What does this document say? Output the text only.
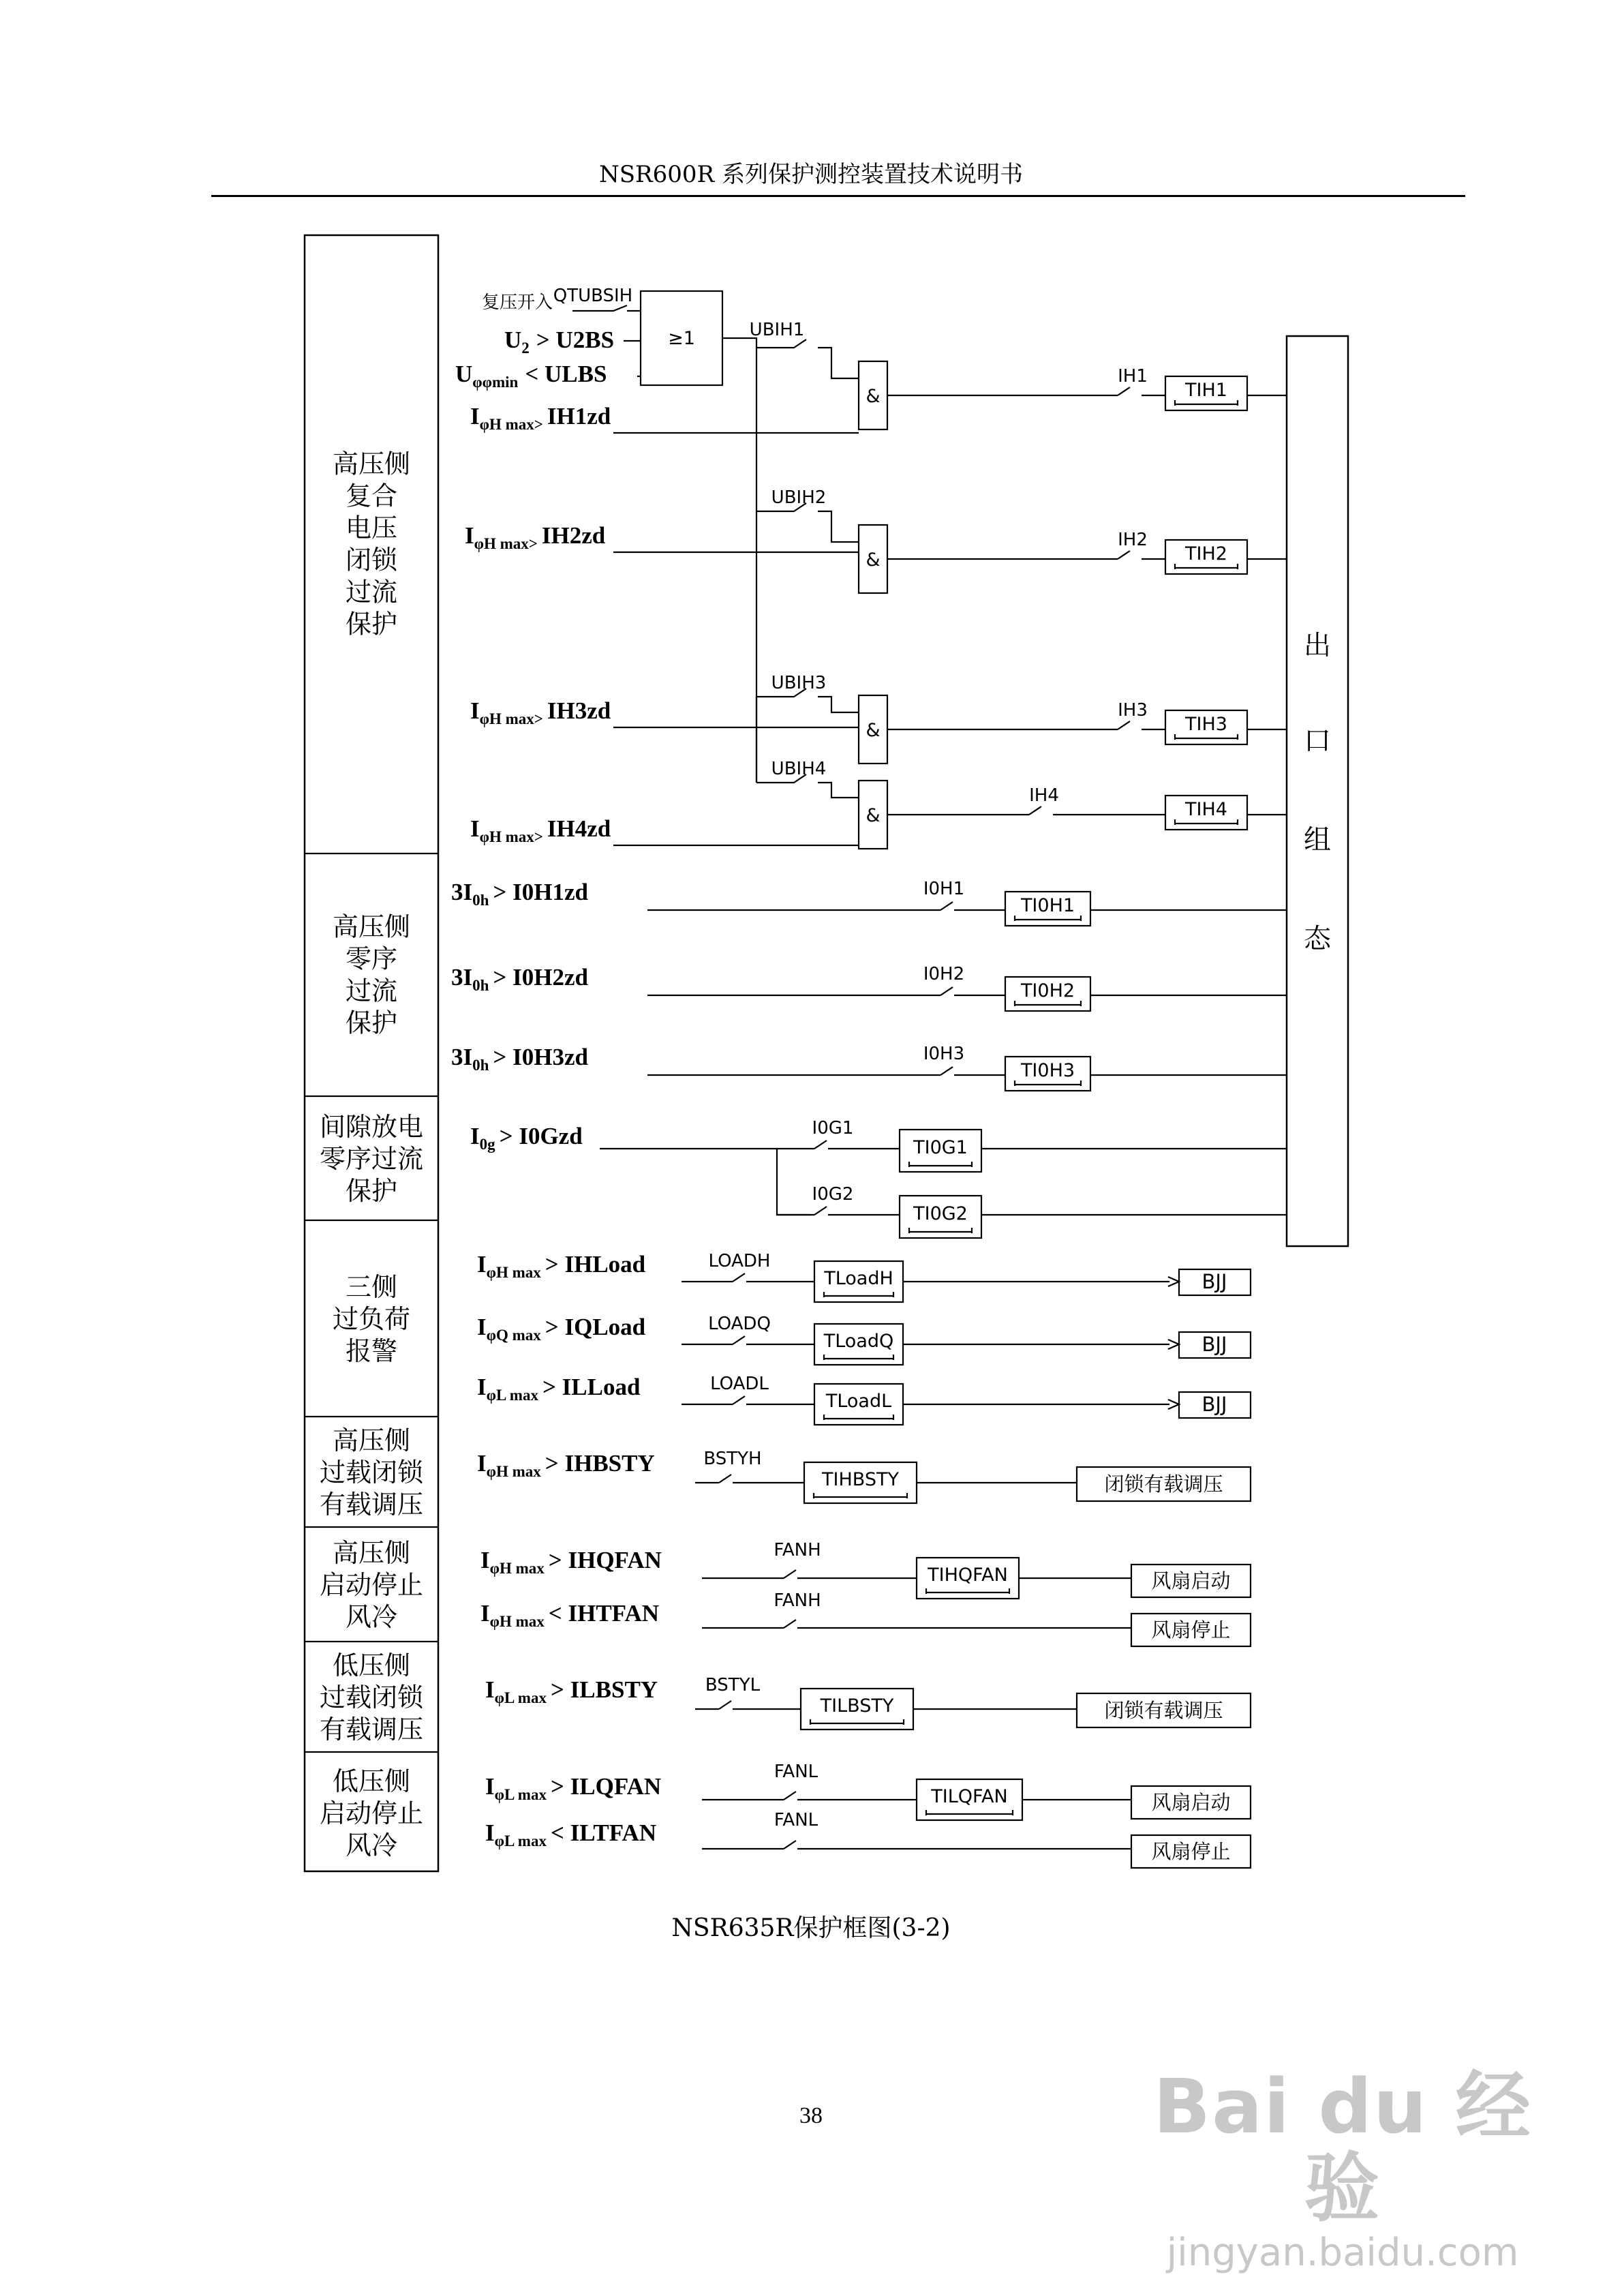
NSR600R 系列保护测控装置技术说明书
高压侧
复合
电压
闭锁
过流
保护
高压侧
零序
过流
保护
间隙放电
零序过流
保护
三侧
过负荷
报警
高压侧
过载闭锁
有载调压
高压侧
启动停止
风冷
低压侧
过载闭锁
有载调压
低压侧
启动停止
风冷
出
口
组
态
≥1
复压开入 QTUBSIH
$U_2 > U2BS$
$U_{\varphi\varphi min}$ < ULBS
UBIH1
&
$I_{\varphi H max>}$ IH1zd
IH1
TIH1
&
UBIH2
$I_{\varphi H max>}$ IH2zd	IH2
TIH2
&
UBIH3
$I_{\varphi H max>}$ IH3zd	IH3
TIH3
&
UBIH4
$I_{\varphi H max>}$ IH4zd
IH4
TIH4
$3I_{0h} > I0H1zd$	I0H1
TI0H1
$3I_{0h} > I0H2zd$	I0H2
TI0H2
$3I_{0h} > I0H3zd$	I0H3
TI0H3
$I_{0g} > I0Gzd$	I0G1
TI0G1
I0G2
TI0G2
$I_{\varphi H max}$ > IHLoad	LOADH
TLoadH	BJJ
$I_{\varphi Q max}$ > IQLoad	LOADQ
TLoadQ	BJJ
$I_{\varphi L max}$ > ILLoad	LOADL
TLoadL	BJJ
$I_{\varphi H max}$ > IHBSTY	BSTYH
TIHBSTY	闭锁有载调压
$I_{\varphi H max}$ > IHQFAN	FANH
TIHQFAN	风扇启动
$I_{\varphi H max}$ < IHTFAN	FANH
风扇停止
$I_{\varphi L max}$ > ILBSTY	BSTYL
TILBSTY	闭锁有载调压
$I_{\varphi L max}$ > ILQFAN
FANL
TILQFAN	风扇启动
$I_{\varphi L max}$ < ILTFAN	FANL
风扇停止
NSR635R保护框图(3-2)
38	Bai du 经验
jingyan.baidu.com
